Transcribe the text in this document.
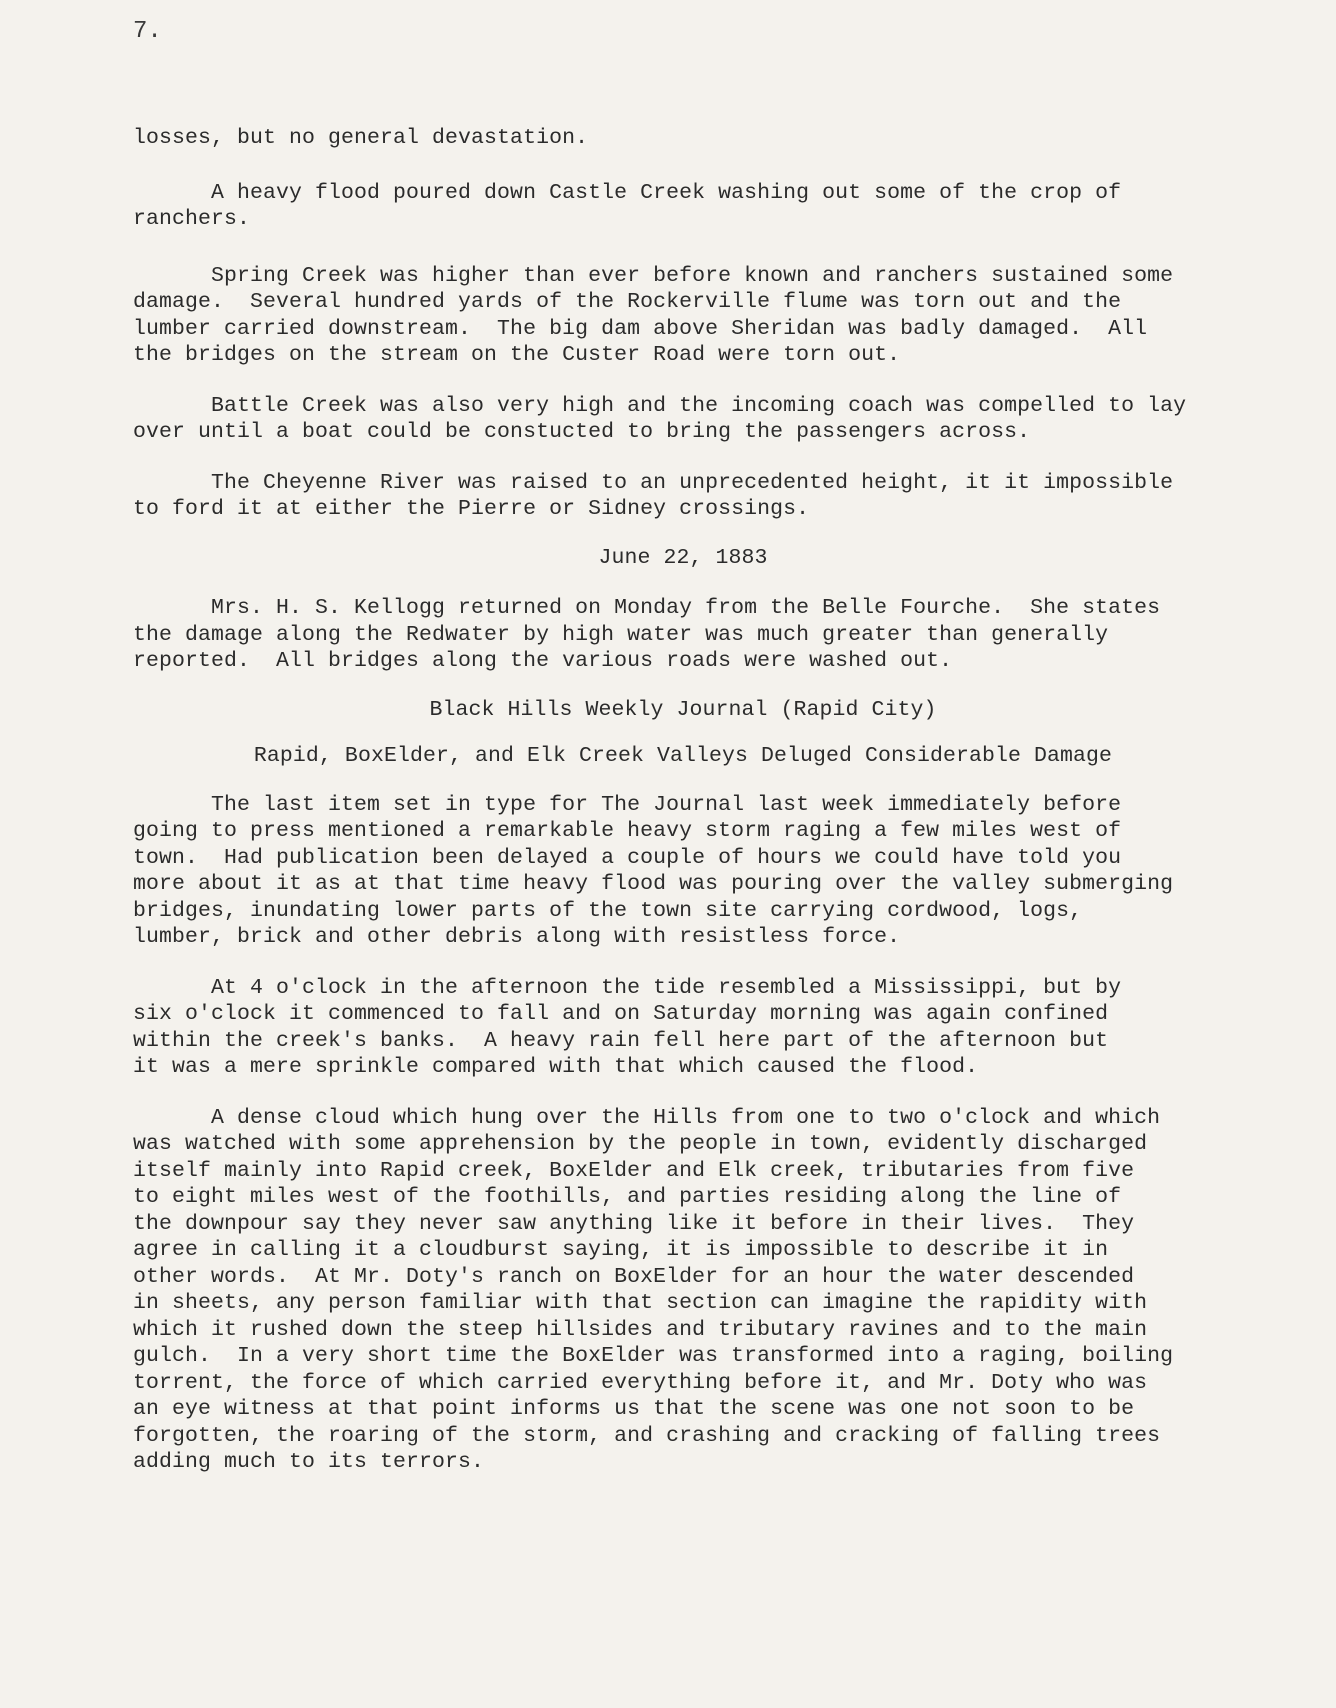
7.
losses, but no general devastation.
A heavy flood poured down Castle Creek washing out some of the crop of
ranchers.
Spring Creek was higher than ever before known and ranchers sustained some
damage.  Several hundred yards of the Rockerville flume was torn out and the
lumber carried downstream.  The big dam above Sheridan was badly damaged.  All
the bridges on the stream on the Custer Road were torn out.
Battle Creek was also very high and the incoming coach was compelled to lay
over until a boat could be constucted to bring the passengers across.
The Cheyenne River was raised to an unprecedented height, it it impossible
to ford it at either the Pierre or Sidney crossings.
June 22, 1883
Mrs. H. S. Kellogg returned on Monday from the Belle Fourche.  She states
the damage along the Redwater by high water was much greater than generally
reported.  All bridges along the various roads were washed out.
Black Hills Weekly Journal (Rapid City)
Rapid, BoxElder, and Elk Creek Valleys Deluged Considerable Damage
The last item set in type for The Journal last week immediately before
going to press mentioned a remarkable heavy storm raging a few miles west of
town.  Had publication been delayed a couple of hours we could have told you
more about it as at that time heavy flood was pouring over the valley submerging
bridges, inundating lower parts of the town site carrying cordwood, logs,
lumber, brick and other debris along with resistless force.
At 4 o'clock in the afternoon the tide resembled a Mississippi, but by
six o'clock it commenced to fall and on Saturday morning was again confined
within the creek's banks.  A heavy rain fell here part of the afternoon but
it was a mere sprinkle compared with that which caused the flood.
A dense cloud which hung over the Hills from one to two o'clock and which
was watched with some apprehension by the people in town, evidently discharged
itself mainly into Rapid creek, BoxElder and Elk creek, tributaries from five
to eight miles west of the foothills, and parties residing along the line of
the downpour say they never saw anything like it before in their lives.  They
agree in calling it a cloudburst saying, it is impossible to describe it in
other words.  At Mr. Doty's ranch on BoxElder for an hour the water descended
in sheets, any person familiar with that section can imagine the rapidity with
which it rushed down the steep hillsides and tributary ravines and to the main
gulch.  In a very short time the BoxElder was transformed into a raging, boiling
torrent, the force of which carried everything before it, and Mr. Doty who was
an eye witness at that point informs us that the scene was one not soon to be
forgotten, the roaring of the storm, and crashing and cracking of falling trees
adding much to its terrors.
